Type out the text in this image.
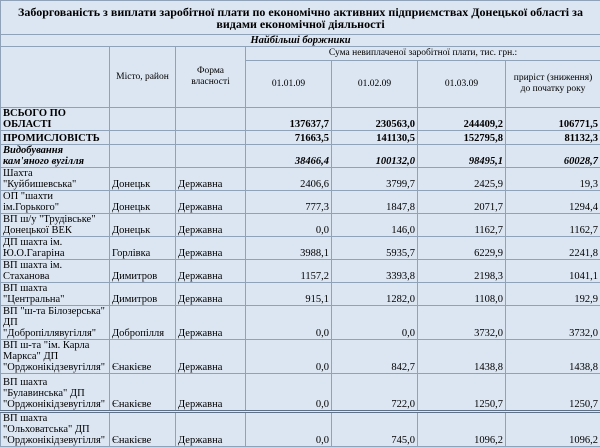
Заборгованість з виплати заробітної плати по економічно активних підприємствах Донецької області за видами економічної діяльності						
Найбільші боржники						
	Місто, район	Форма власності	Сума невиплаченої заробітної плати, тис. грн.:			
			01.01.09	01.02.09	01.03.09	приріст (зниження) до початку року
ВСЬОГО ПО ОБЛАСТІ			137637,7	230563,0	244409,2	106771,5
ПРОМИСЛОВІСТЬ			71663,5	141130,5	152795,8	81132,3
Видобування кам'яного вугілля			38466,4	100132,0	98495,1	60028,7
Шахта "Куйбишевська"	Донецьк	Державна	2406,6	3799,7	2425,9	19,3
ОП "шахти ім.Горького"	Донецьк	Державна	777,3	1847,8	2071,7	1294,4
ВП ш/у "Трудівське" Донецької ВЕК	Донецьк	Державна	0,0	146,0	1162,7	1162,7
ДП шахта ім. Ю.О.Гагаріна	Горлівка	Державна	3988,1	5935,7	6229,9	2241,8
ВП шахта ім. Стаханова	Димитров	Державна	1157,2	3393,8	2198,3	1041,1
ВП шахта "Центральна"	Димитров	Державна	915,1	1282,0	1108,0	192,9
ВП "ш-та Білозерська" ДП "Добропіллявугілля"	Добропілля	Державна	0,0	0,0	3732,0	3732,0
ВП ш-та "ім. Карла Маркса" ДП "Орджонікідзевугілля"	Єнакієве	Державна	0,0	842,7	1438,8	1438,8
ВП шахта "Булавинська" ДП "Орджонікідзевугілля"	Єнакієве	Державна	0,0	722,0	1250,7	1250,7
ВП шахта "Ольховатська" ДП "Орджонікідзевугілля"	Єнакієве	Державна	0,0	745,0	1096,2	1096,2
